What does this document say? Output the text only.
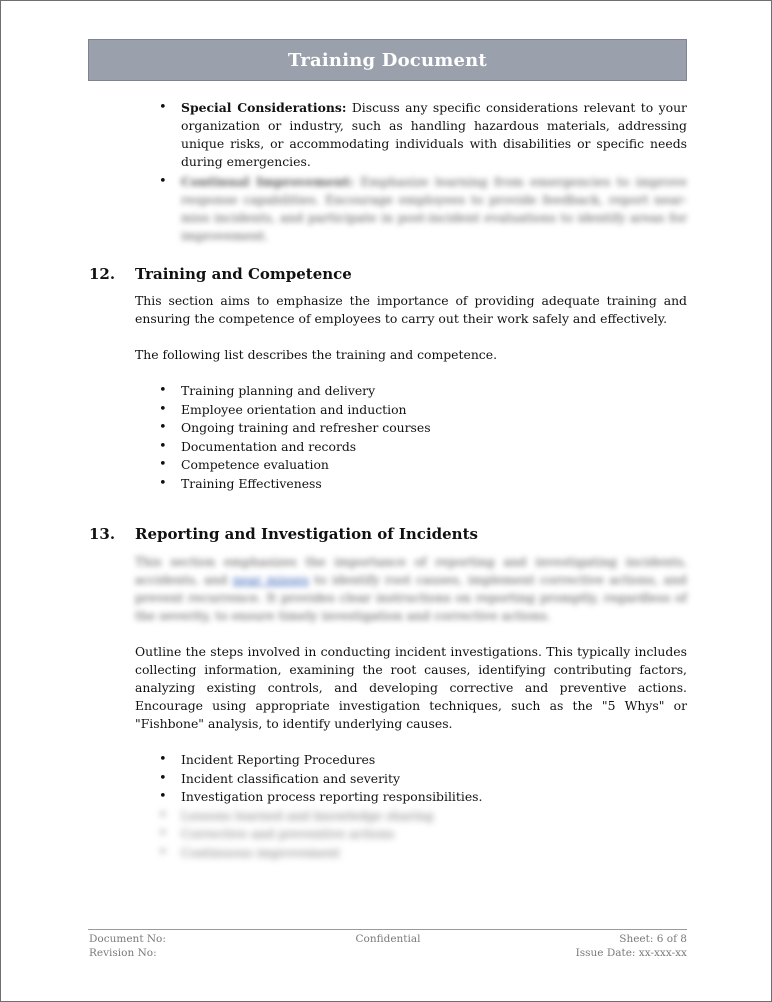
Training Document
• Special Considerations: Discuss any specific considerations relevant to your organization or industry, such as handling hazardous materials, addressing unique risks, or accommodating individuals with disabilities or specific needs during emergencies.
• Continual Improvement: Emphasize learning from emergencies to improve response capabilities. Encourage employees to provide feedback, report near-miss incidents, and participate in post-incident evaluations to identify areas for improvement.
12.	Training and Competence
This section aims to emphasize the importance of providing adequate training and ensuring the competence of employees to carry out their work safely and effectively.
The following list describes the training and competence.
• Training planning and delivery
• Employee orientation and induction
• Ongoing training and refresher courses
• Documentation and records
• Competence evaluation
• Training Effectiveness
13.	Reporting and Investigation of Incidents
This section emphasizes the importance of reporting and investigating incidents, accidents, and near misses to identify root causes, implement corrective actions, and prevent recurrence. It provides clear instructions on reporting promptly, regardless of the severity, to ensure timely investigation and corrective actions.
Outline the steps involved in conducting incident investigations. This typically includes collecting information, examining the root causes, identifying contributing factors, analyzing existing controls, and developing corrective and preventive actions. Encourage using appropriate investigation techniques, such as the "5 Whys" or "Fishbone" analysis, to identify underlying causes.
• Incident Reporting Procedures
• Incident classification and severity
• Investigation process reporting responsibilities.
• Lessons learned and knowledge sharing
• Corrective and preventive actions
• Continuous improvement
Document No:	Confidential	Sheet: 6 of 8
Revision No:	Issue Date: xx-xxx-xx
